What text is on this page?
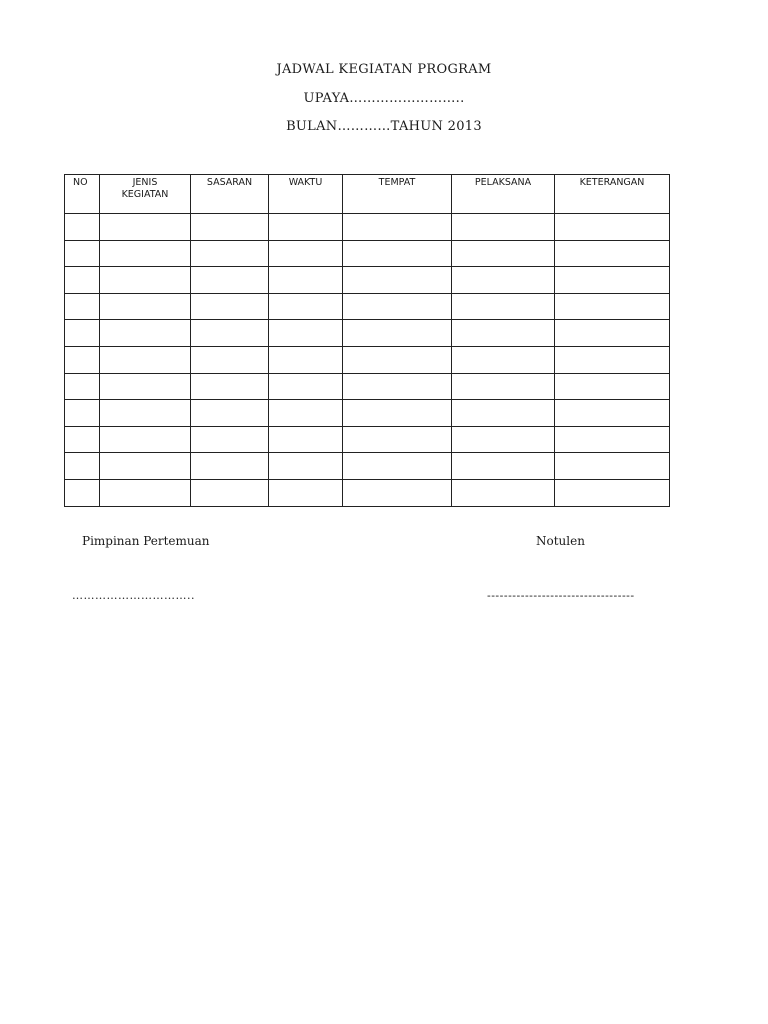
JADWAL KEGIATAN PROGRAM
UPAYA……………………..
BULAN…………TAHUN 2013
NO	JENIS KEGIATAN	SASARAN	WAKTU	TEMPAT	PELAKSANA	KETERANGAN

Pimpinan Pertemuan	Notulen
…………………………..	-----------------------------------
